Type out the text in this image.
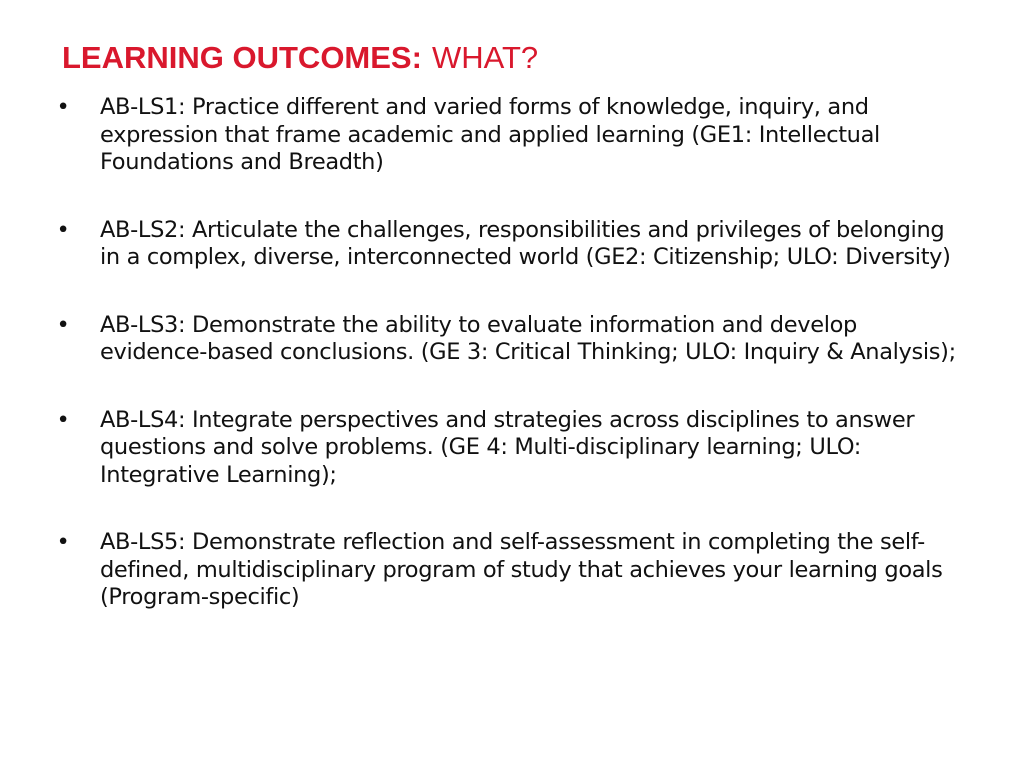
LEARNING OUTCOMES: WHAT?
• AB-LS1: Practice different and varied forms of knowledge, inquiry, and expression that frame academic and applied learning (GE1: Intellectual Foundations and Breadth)
• AB-LS2: Articulate the challenges, responsibilities and privileges of belonging in a complex, diverse, interconnected world (GE2: Citizenship; ULO: Diversity)
• AB-LS3: Demonstrate the ability to evaluate information and develop evidence-based conclusions. (GE 3: Critical Thinking; ULO: Inquiry & Analysis);
• AB-LS4: Integrate perspectives and strategies across disciplines to answer questions and solve problems. (GE 4: Multi-disciplinary learning; ULO: Integrative Learning);
• AB-LS5: Demonstrate reflection and self-assessment in completing the self-defined, multidisciplinary program of study that achieves your learning goals (Program-specific)
